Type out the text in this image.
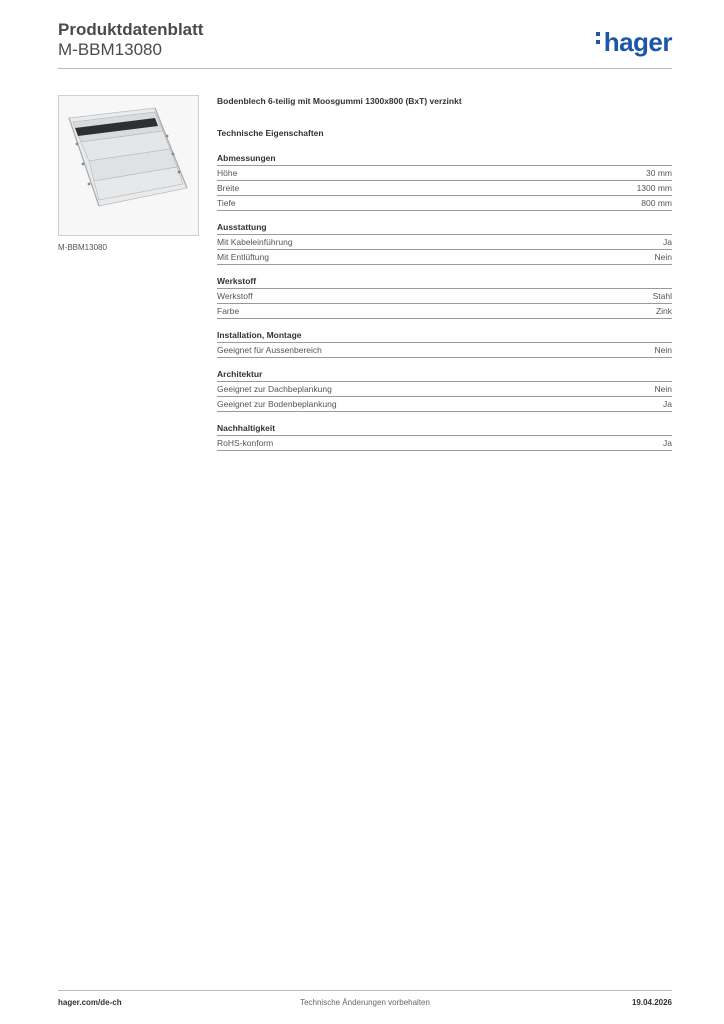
Produktdatenblatt
M-BBM13080	hager
M-BBM13080
Bodenblech 6-teilig mit Moosgummi 1300x800 (BxT) verzinkt
Technische Eigenschaften
Abmessungen
Höhe	30 mm
Breite	1300 mm
Tiefe	800 mm
Ausstattung
Mit Kabeleinführung	Ja
Mit Entlüftung	Nein
Werkstoff
Werkstoff	Stahl
Farbe	Zink
Installation, Montage
Geeignet für Aussenbereich	Nein
Architektur
Geeignet zur Dachbeplankung	Nein
Geeignet zur Bodenbeplankung	Ja
Nachhaltigkeit
RoHS-konform	Ja
hager.com/de-ch	Technische Änderungen vorbehalten	19.04.2026
